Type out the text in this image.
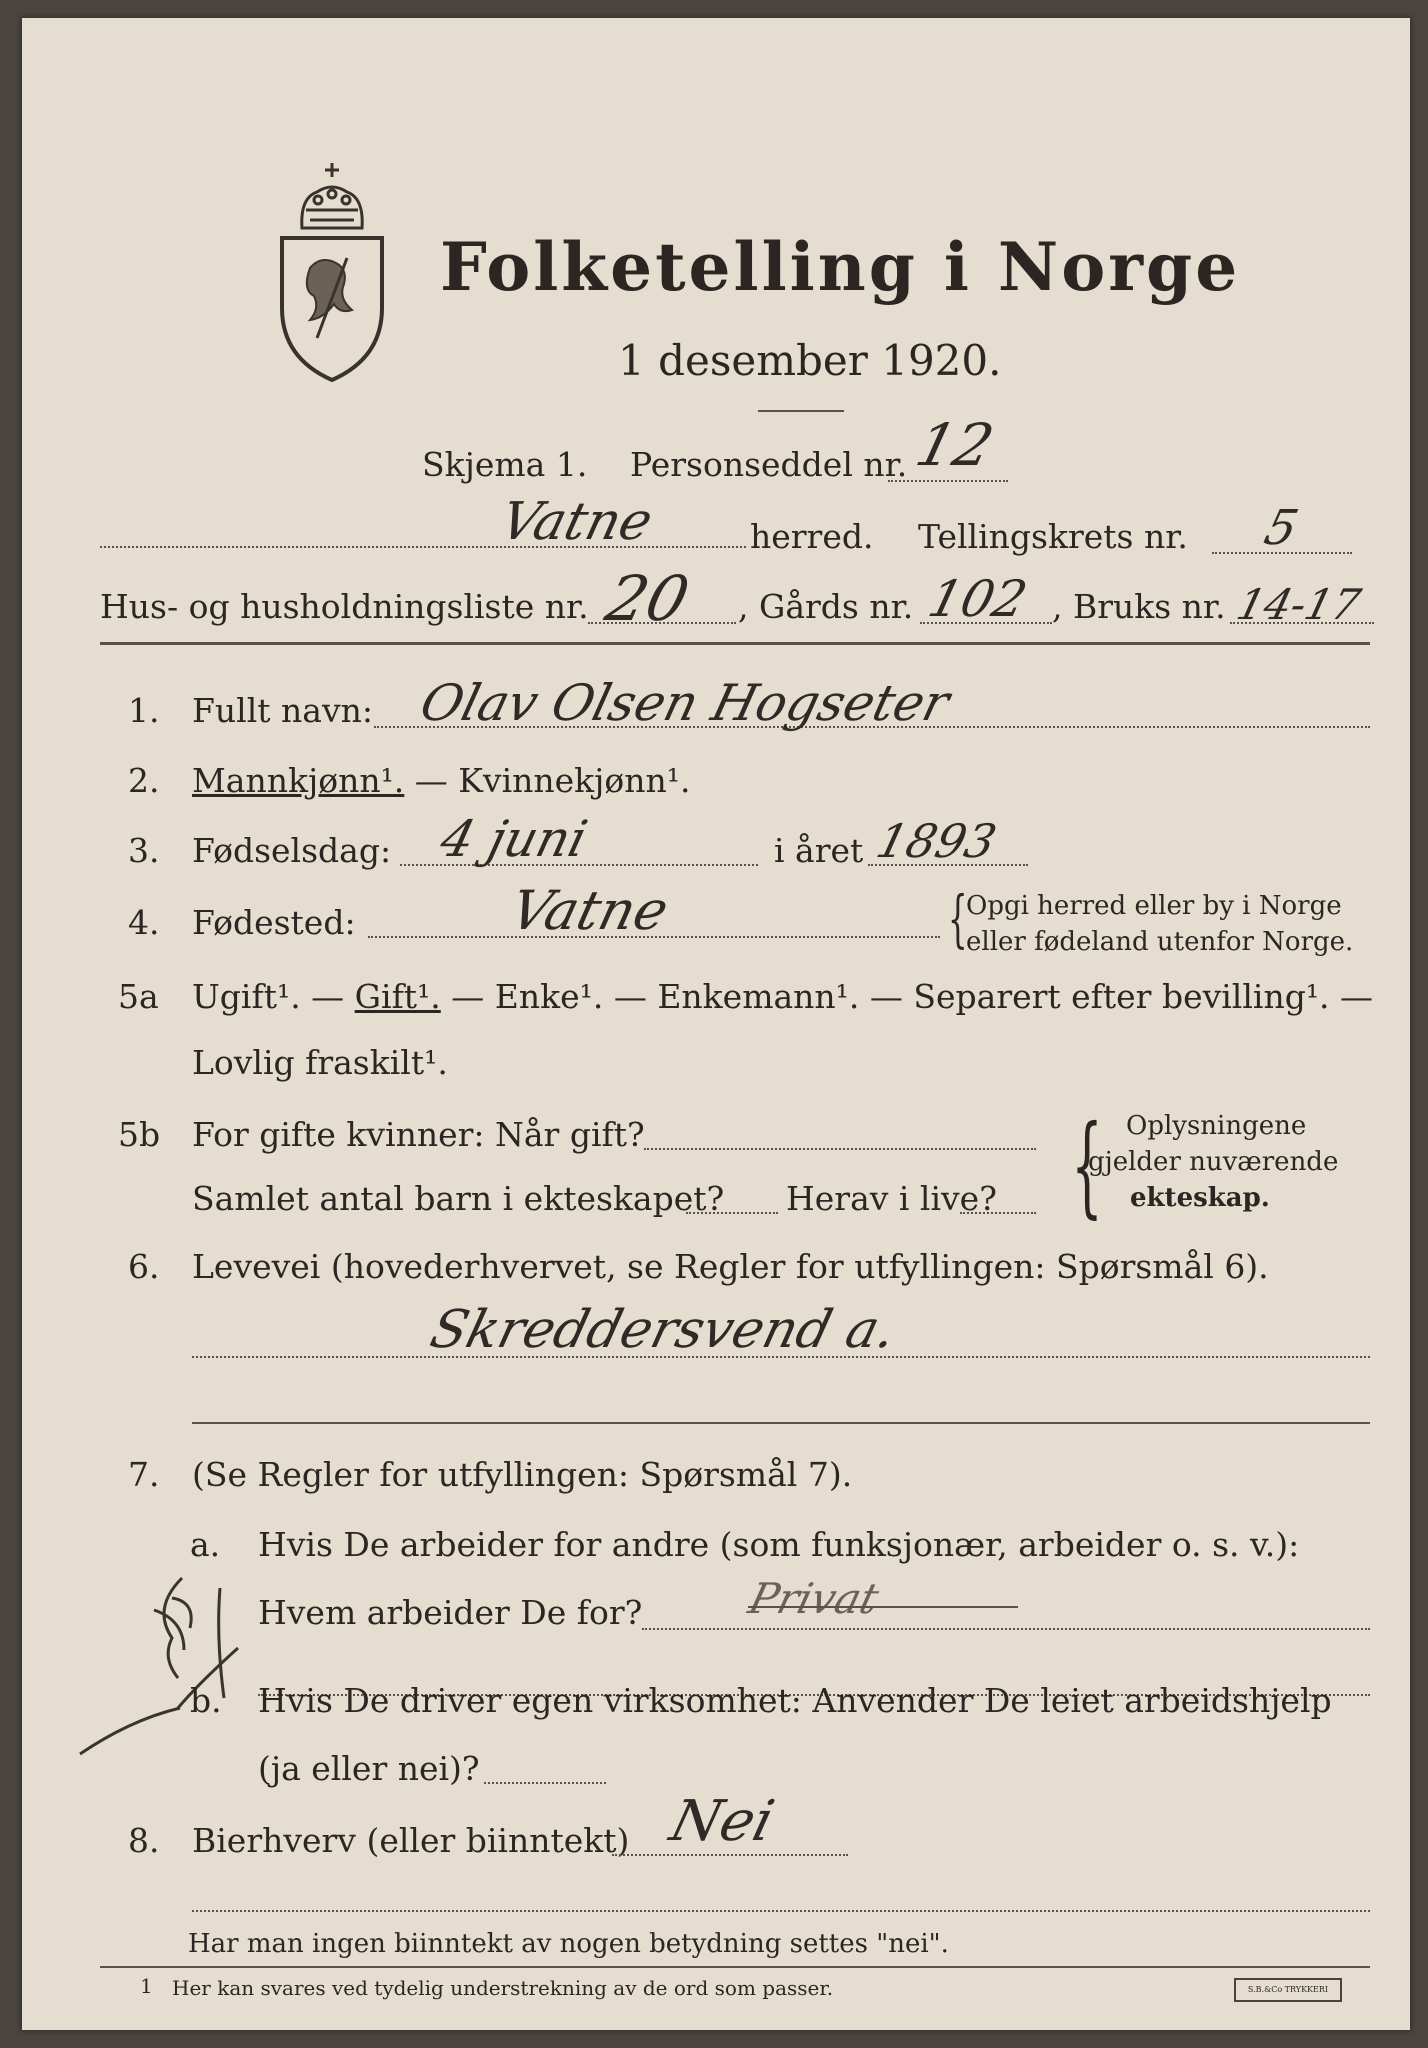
Folketelling i Norge
1 desember 1920.
Skjema 1. Personseddel nr. 12
Vatne	herred. Tellingskrets nr. 5
Hus- og husholdningsliste nr. 20 , Gårds nr. 102 , Bruks nr. 14-17
1. Fullt navn: Olav Olsen Hogseter
2. Mannkjønn¹. — Kvinnekjønn¹.
3. Fødselsdag: 4 juni	i året 1893
4. Fødested:	Vatne	{
Opgi herred eller by i Norge
eller fødeland utenfor Norge.
5a Ugift¹. — Gift¹. — Enke¹. — Enkemann¹. — Separert efter bevilling¹. —
Lovlig fraskilt¹.
5b For gifte kvinner: Når gift?
Samlet antal barn i ekteskapet? Herav i live? { Oplysningene
gjelder nuværende
ekteskap.
6. Levevei (hovederhvervet, se Regler for utfyllingen: Spørsmål 6).
Skreddersvend a.
7. (Se Regler for utfyllingen: Spørsmål 7).
a. Hvis De arbeider for andre (som funksjonær, arbeider o. s. v.):
Hvem arbeider De for? Privat
b. Hvis De driver egen virksomhet: Anvender De leiet arbeidshjelp
(ja eller nei)?
8. Bierhverv (eller biinntekt) Nei
Har man ingen biinntekt av nogen betydning settes "nei".
1 Her kan svares ved tydelig understrekning av de ord som passer.	S.B.&Co TRYKKERI
